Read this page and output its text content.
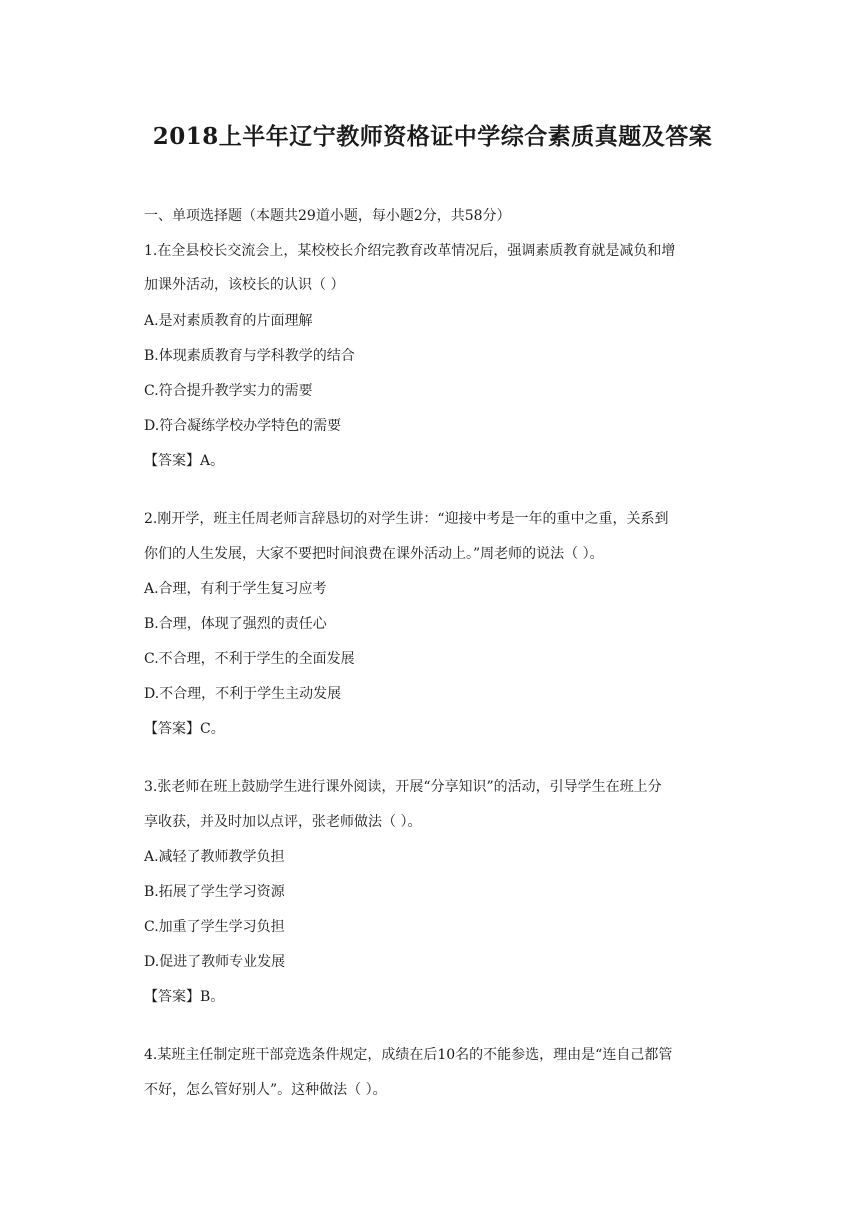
2018上半年辽宁教师资格证中学综合素质真题及答案
一、单项选择题（本题共29道小题，每小题2分，共58分）
1.在全县校长交流会上，某校校长介绍完教育改革情况后，强调素质教育就是减负和增
加课外活动，该校长的认识（ ）
A.是对素质教育的片面理解
B.体现素质教育与学科教学的结合
C.符合提升教学实力的需要
D.符合凝练学校办学特色的需要
【答案】A。
2.刚开学，班主任周老师言辞恳切的对学生讲：“迎接中考是一年的重中之重，关系到
你们的人生发展，大家不要把时间浪费在课外活动上。”周老师的说法（ ）。
A.合理，有利于学生复习应考
B.合理，体现了强烈的责任心
C.不合理，不利于学生的全面发展
D.不合理，不利于学生主动发展
【答案】C。
3.张老师在班上鼓励学生进行课外阅读，开展“分享知识”的活动，引导学生在班上分
享收获，并及时加以点评，张老师做法（ ）。
A.减轻了教师教学负担
B.拓展了学生学习资源
C.加重了学生学习负担
D.促进了教师专业发展
【答案】B。
4.某班主任制定班干部竞选条件规定，成绩在后10名的不能参选，理由是“连自己都管
不好，怎么管好别人”。这种做法（ ）。
